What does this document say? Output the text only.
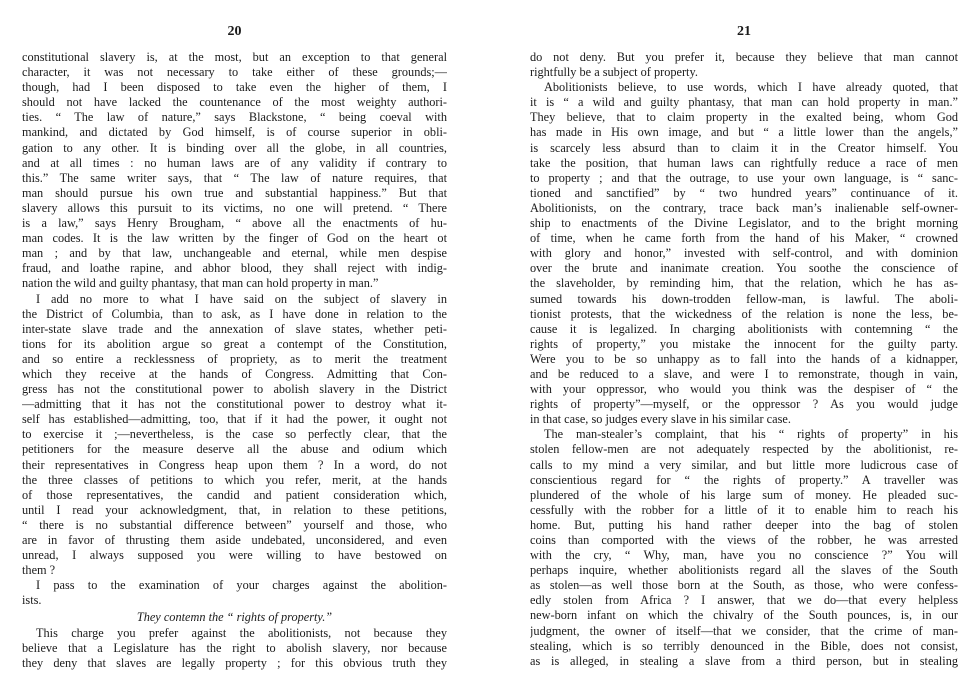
20
constitutional slavery is, at the most, but an exception to that general
character, it was not necessary to take either of these grounds;—
though, had I been disposed to take even the higher of them, I
should not have lacked the countenance of the most weighty authori-
ties. “ The law of nature,” says Blackstone, “ being coeval with
mankind, and dictated by God himself, is of course superior in obli-
gation to any other. It is binding over all the globe, in all countries,
and at all times : no human laws are of any validity if contrary to
this.” The same writer says, that “ The law of nature requires, that
man should pursue his own true and substantial happiness.” But that
slavery allows this pursuit to its victims, no one will pretend. “ There
is a law,” says Henry Brougham, “ above all the enactments of hu-
man codes. It is the law written by the finger of God on the heart ot
man ; and by that law, unchangeable and eternal, while men despise
fraud, and loathe rapine, and abhor blood, they shall reject with indig-
nation the wild and guilty phantasy, that man can hold property in man.”
I add no more to what I have said on the subject of slavery in
the District of Columbia, than to ask, as I have done in relation to the
inter-state slave trade and the annexation of slave states, whether peti-
tions for its abolition argue so great a contempt of the Constitution,
and so entire a recklessness of propriety, as to merit the treatment
which they receive at the hands of Congress. Admitting that Con-
gress has not the constitutional power to abolish slavery in the District
—admitting that it has not the constitutional power to destroy what it-
self has established—admitting, too, that if it had the power, it ought not
to exercise it ;—nevertheless, is the case so perfectly clear, that the
petitioners for the measure deserve all the abuse and odium which
their representatives in Congress heap upon them ? In a word, do not
the three classes of petitions to which you refer, merit, at the hands
of those representatives, the candid and patient consideration which,
until I read your acknowledgment, that, in relation to these petitions,
“ there is no substantial difference between” yourself and those, who
are in favor of thrusting them aside undebated, unconsidered, and even
unread, I always supposed you were willing to have bestowed on
them ?
I pass to the examination of your charges against the abolition-
ists.
They contemn the “ rights of property.”
This charge you prefer against the abolitionists, not because they
believe that a Legislature has the right to abolish slavery, nor because
they deny that slaves are legally property ; for this obvious truth they
21
do not deny. But you prefer it, because they believe that man cannot
rightfully be a subject of property.
Abolitionists believe, to use words, which I have already quoted, that
it is “ a wild and guilty phantasy, that man can hold property in man.”
They believe, that to claim property in the exalted being, whom God
has made in His own image, and but “ a little lower than the angels,”
is scarcely less absurd than to claim it in the Creator himself. You
take the position, that human laws can rightfully reduce a race of men
to property ; and that the outrage, to use your own language, is “ sanc-
tioned and sanctified” by “ two hundred years” continuance of it.
Abolitionists, on the contrary, trace back man’s inalienable self-owner-
ship to enactments of the Divine Legislator, and to the bright morning
of time, when he came forth from the hand of his Maker, “ crowned
with glory and honor,” invested with self-control, and with dominion
over the brute and inanimate creation. You soothe the conscience of
the slaveholder, by reminding him, that the relation, which he has as-
sumed towards his down-trodden fellow-man, is lawful. The aboli-
tionist protests, that the wickedness of the relation is none the less, be-
cause it is legalized. In charging abolitionists with contemning “ the
rights of property,” you mistake the innocent for the guilty party.
Were you to be so unhappy as to fall into the hands of a kidnapper,
and be reduced to a slave, and were I to remonstrate, though in vain,
with your oppressor, who would you think was the despiser of “ the
rights of property”—myself, or the oppressor ? As you would judge
in that case, so judges every slave in his similar case.
The man-stealer’s complaint, that his “ rights of property” in his
stolen fellow-men are not adequately respected by the abolitionist, re-
calls to my mind a very similar, and but little more ludicrous case of
conscientious regard for “ the rights of property.” A traveller was
plundered of the whole of his large sum of money. He pleaded suc-
cessfully with the robber for a little of it to enable him to reach his
home. But, putting his hand rather deeper into the bag of stolen
coins than comported with the views of the robber, he was arrested
with the cry, “ Why, man, have you no conscience ?” You will
perhaps inquire, whether abolitionists regard all the slaves of the South
as stolen—as well those born at the South, as those, who were confess-
edly stolen from Africa ? I answer, that we do—that every helpless
new-born infant on which the chivalry of the South pounces, is, in our
judgment, the owner of itself—that we consider, that the crime of man-
stealing, which is so terribly denounced in the Bible, does not consist,
as is alleged, in stealing a slave from a third person, but in stealing
